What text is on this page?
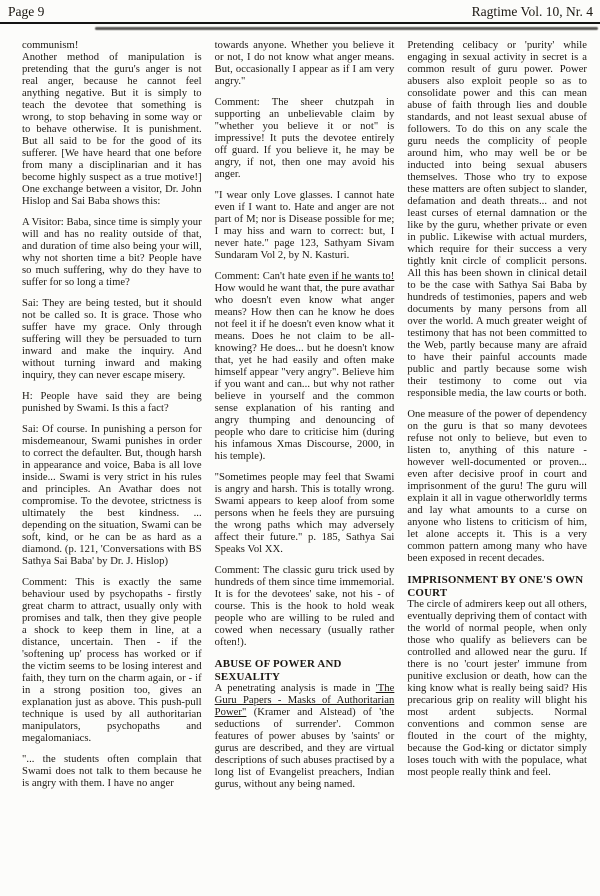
Page 9	Ragtime Vol. 10, Nr. 4

communism!

Another method of manipulation is pretending that the guru's anger is not real anger, because he cannot feel anything negative. But it is simply to teach the devotee that something is wrong, to stop behaving in some way or to behave otherwise. It is punishment. But all said to be for the good of its sufferer. [We have heard that one before from many a disciplinarian and it has become highly suspect as a true motive!] One exchange between a visitor, Dr. John Hislop and Sai Baba shows this:

A Visitor: Baba, since time is simply your will and has no reality outside of that, and duration of time also being your will, why not shorten time a bit? People have so much suffering, why do they have to suffer for so long a time?

Sai: They are being tested, but it should not be called so. It is grace. Those who suffer have my grace. Only through suffering will they be persuaded to turn inward and make the inquiry. And without turning inward and making inquiry, they can never escape misery.

H: People have said they are being punished by Swami. Is this a fact?

Sai: Of course. In punishing a person for misdemeanour, Swami punishes in order to correct the defaulter. But, though harsh in appearance and voice, Baba is all love inside... Swami is very strict in his rules and principles. An Avathar does not compromise. To the devotee, strictness is ultimately the best kindness. ... depending on the situation, Swami can be soft, kind, or he can be as hard as a diamond. (p. 121, 'Conversations with BS Sathya Sai Baba' by Dr. J. Hislop)

Comment: This is exactly the same behaviour used by psychopaths - firstly great charm to attract, usually only with promises and talk, then they give people a shock to keep them in line, at a distance, uncertain. Then - if the 'softening up' process has worked or if the victim seems to be losing interest and faith, they turn on the charm again, or - if in a strong position too, gives an explanation just as above. This push-pull technique is used by all authoritarian manipulators, psychopaths and megalomaniacs.

"... the students often complain that Swami does not talk to them because he is angry with them. I have no anger

towards anyone. Whether you believe it or not, I do not know what anger means. But, occasionally I appear as if I am very angry."

Comment: The sheer chutzpah in supporting an unbelievable claim by "whether you believe it or not" is impressive! It puts the devotee entirely off guard. If you believe it, he may be angry, if not, then one may avoid his anger.

"I wear only Love glasses. I cannot hate even if I want to. Hate and anger are not part of M; nor is Disease possible for me; I may hiss and warn to correct: but, I never hate." page 123, Sathyam Sivam Sundaram Vol 2, by N. Kasturi.

Comment: Can't hate even if he wants to! How would he want that, the pure avathar who doesn't even know what anger means? How then can he know he does not feel it if he doesn't even know what it means. Does he not claim to be all-knowing? He does... but he doesn't know that, yet he had easily and often make himself appear "very angry". Believe him if you want and can... but why not rather believe in yourself and the common sense explanation of his ranting and angry thumping and denouncing of people who dare to criticise him (during his infamous Xmas Discourse, 2000, in his temple).

"Sometimes people may feel that Swami is angry and harsh. This is totally wrong. Swami appears to keep aloof from some persons when he feels they are pursuing the wrong paths which may adversely affect their future." p. 185, Sathya Sai Speaks Vol XX.

Comment: The classic guru trick used by hundreds of them since time immemorial. It is for the devotees' sake, not his - of course. This is the hook to hold weak people who are willing to be ruled and cowed when necessary (usually rather often!).

ABUSE OF POWER AND SEXUALITY

A penetrating analysis is made in 'The Guru Papers - Masks of Authoritarian Power" (Kramer and Alstead) of 'the seductions of surrender'. Common features of power abuses by 'saints' or gurus are described, and they are virtual descriptions of such abuses practised by a long list of Evangelist preachers, Indian gurus, without any being named.

Pretending celibacy or 'purity' while engaging in sexual activity in secret is a common result of guru power. Power abusers also exploit people so as to consolidate power and this can mean abuse of faith through lies and double standards, and not least sexual abuse of followers. To do this on any scale the guru needs the complicity of people around him, who may well be or be inducted into being sexual abusers themselves. Those who try to expose these matters are often subject to slander, defamation and death threats... and not least curses of eternal damnation or the like by the guru, whether private or even in public. Likewise with actual murders, which require for their success a very tightly knit circle of complicit persons. All this has been shown in clinical detail to be the case with Sathya Sai Baba by hundreds of testimonies, papers and web documents by many persons from all over the world. A much greater weight of testimony that has not been committed to the Web, partly because many are afraid to have their painful accounts made public and partly because some wish their testimony to come out via responsible media, the law courts or both.

One measure of the power of dependency on the guru is that so many devotees refuse not only to believe, but even to listen to, anything of this nature - however well-documented or proven... even after decisive proof in court and imprisonment of the guru! The guru will explain it all in vague otherworldly terms and lay what amounts to a curse on anyone who listens to criticism of him, let alone accepts it. This is a very common pattern among many who have been exposed in recent decades.

IMPRISONMENT BY ONE'S OWN COURT

The circle of admirers keep out all others, eventually depriving them of contact with the world of normal people, when only those who qualify as believers can be controlled and allowed near the guru. If there is no 'court jester' immune from punitive exclusion or death, how can the king know what is really being said? His precarious grip on reality will blight his most ardent subjects. Normal conventions and common sense are flouted in the court of the mighty, because the God-king or dictator simply loses touch with with the populace, what most people really think and feel.
